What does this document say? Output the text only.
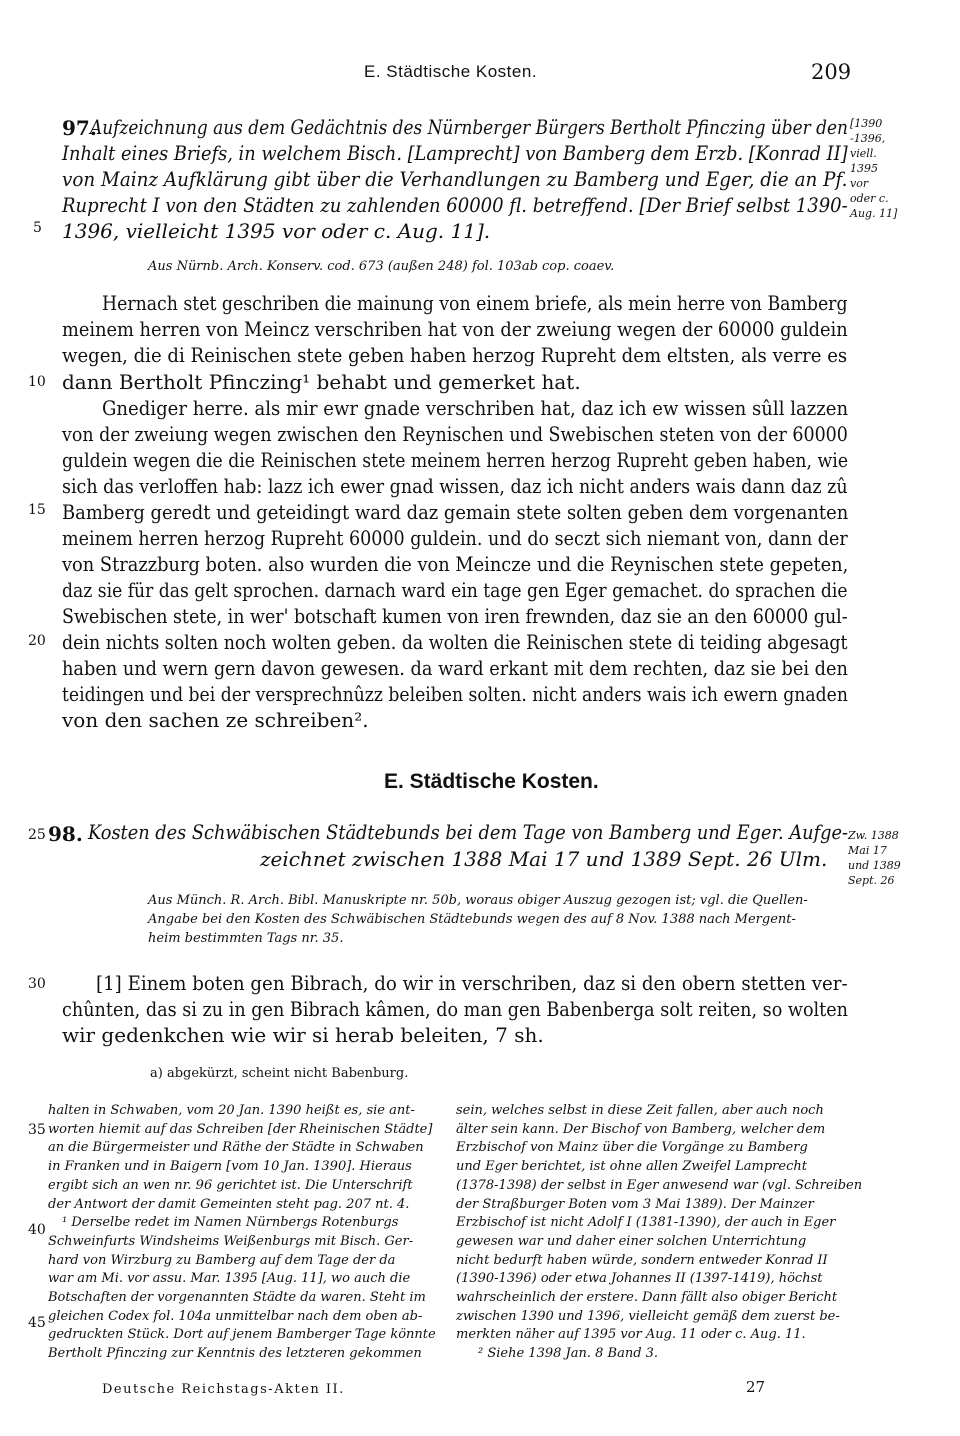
E. Städtische Kosten.	209
97.
Aufzeichnung aus dem Gedächtnis des Nürnberger Bürgers Bertholt Pfinczing über den
Inhalt eines Briefs, in welchem Bisch. [Lamprecht] von Bamberg dem Erzb. [Konrad II]
von Mainz Aufklärung gibt über die Verhandlungen zu Bamberg und Eger, die an Pf.
Ruprecht I von den Städten zu zahlenden 60000 fl. betreffend. [Der Brief selbst 1390-
1396, vielleicht 1395 vor oder c. Aug. 11].
[1390
-1396,
viell.
1395
vor
oder c.
Aug. 11]
Aus Nürnb. Arch. Konserv. cod. 673 (außen 248) fol. 103ab cop. coaev.
5
10
15
20
25
30
35
40
45
Hernach stet geschriben die mainung von einem briefe, als mein herre von Bamberg
meinem herren von Meincz verschriben hat von der zweiung wegen der 60000 guldein
wegen, die di Reinischen stete geben haben herzog Rupreht dem eltsten, als verre es
dann Bertholt Pfinczing¹ behabt und gemerket hat.
Gnediger herre. als mir ewr gnade verschriben hat, daz ich ew wissen sûll lazzen
von der zweiung wegen zwischen den Reynischen und Swebischen steten von der 60000
guldein wegen die die Reinischen stete meinem herren herzog Rupreht geben haben, wie
sich das verloffen hab: lazz ich ewer gnad wissen, daz ich nicht anders wais dann daz zû
Bamberg geredt und geteidingt ward daz gemain stete solten geben dem vorgenanten
meinem herren herzog Rupreht 60000 guldein. und do seczt sich niemant von, dann der
von Strazzburg boten. also wurden die von Meincze und die Reynischen stete gepeten,
daz sie für das gelt sprochen. darnach ward ein tage gen Eger gemachet. do sprachen die
Swebischen stete, in wer' botschaft kumen von iren frewnden, daz sie an den 60000 gul-
dein nichts solten noch wolten geben. da wolten die Reinischen stete di teiding abgesagt
haben und wern gern davon gewesen. da ward erkant mit dem rechten, daz sie bei den
teidingen und bei der versprechnûzz beleiben solten. nicht anders wais ich ewern gnaden
von den sachen ze schreiben².
E. Städtische Kosten.
98. Kosten des Schwäbischen Städtebunds bei dem Tage von Bamberg und Eger. Aufge-
zeichnet zwischen 1388 Mai 17 und 1389 Sept. 26 Ulm.
Zw. 1388
Mai 17
und 1389
Sept. 26
Aus Münch. R. Arch. Bibl. Manuskripte nr. 50b, woraus obiger Auszug gezogen ist; vgl. die Quellen-
Angabe bei den Kosten des Schwäbischen Städtebunds wegen des auf 8 Nov. 1388 nach Mergent-
heim bestimmten Tags nr. 35.
[1] Einem boten gen Bibrach, do wir in verschriben, daz si den obern stetten ver-
chûnten, das si zu in gen Bibrach kâmen, do man gen Babenberga solt reiten, so wolten
wir gedenkchen wie wir si herab beleiten, 7 sh.
a) abgekürzt, scheint nicht Babenburg.
halten in Schwaben, vom 20 Jan. 1390 heißt es, sie ant-
worten hiemit auf das Schreiben [der Rheinischen Städte]
an die Bürgermeister und Räthe der Städte in Schwaben
in Franken und in Baigern [vom 10 Jan. 1390]. Hieraus
ergibt sich an wen nr. 96 gerichtet ist. Die Unterschrift
der Antwort der damit Gemeinten steht pag. 207 nt. 4.
¹ Derselbe redet im Namen Nürnbergs Rotenburgs
Schweinfurts Windsheims Weißenburgs mit Bisch. Ger-
hard von Wirzburg zu Bamberg auf dem Tage der da
war am Mi. vor assu. Mar. 1395 [Aug. 11], wo auch die
Botschaften der vorgenannten Städte da waren. Steht im
gleichen Codex fol. 104a unmittelbar nach dem oben ab-
gedruckten Stück. Dort auf jenem Bamberger Tage könnte
Bertholt Pfinczing zur Kenntnis des letzteren gekommen
sein, welches selbst in diese Zeit fallen, aber auch noch
älter sein kann. Der Bischof von Bamberg, welcher dem
Erzbischof von Mainz über die Vorgänge zu Bamberg
und Eger berichtet, ist ohne allen Zweifel Lamprecht
(1378-1398) der selbst in Eger anwesend war (vgl. Schreiben
der Straßburger Boten vom 3 Mai 1389). Der Mainzer
Erzbischof ist nicht Adolf I (1381-1390), der auch in Eger
gewesen war und daher einer solchen Unterrichtung
nicht bedurft haben würde, sondern entweder Konrad II
(1390-1396) oder etwa Johannes II (1397-1419), höchst
wahrscheinlich der erstere. Dann fällt also obiger Bericht
zwischen 1390 und 1396, vielleicht gemäß dem zuerst be-
merkten näher auf 1395 vor Aug. 11 oder c. Aug. 11.
² Siehe 1398 Jan. 8 Band 3.
Deutsche Reichstags-Akten II.	27
